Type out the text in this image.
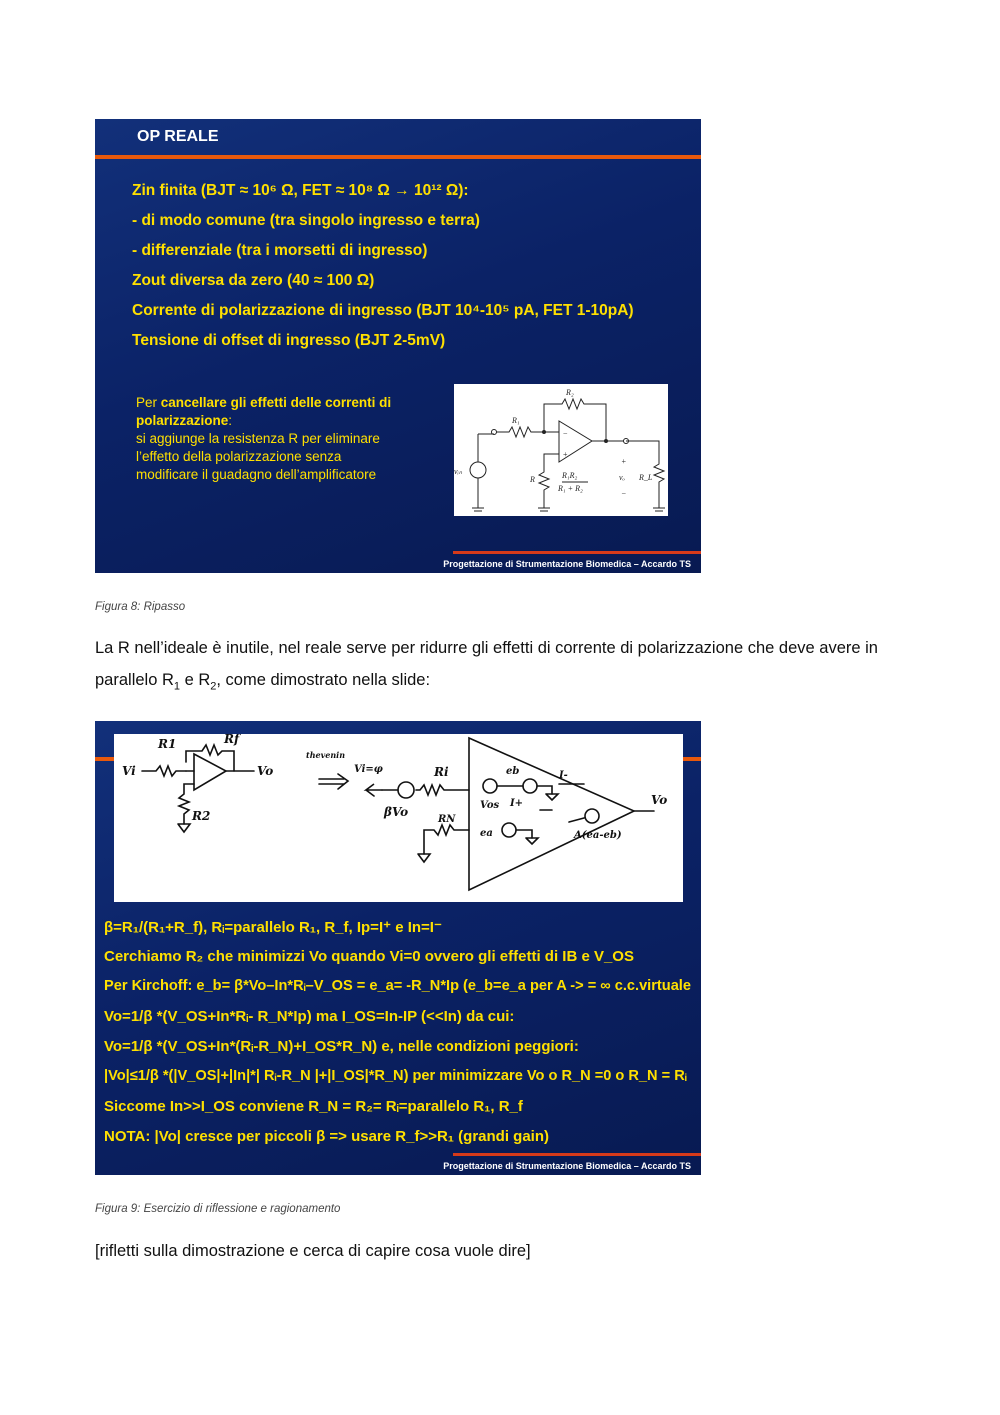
OP REALE
Zin finita (BJT ≈ 10⁶ Ω, FET ≈ 10⁸ Ω → 10¹² Ω):
- di modo comune (tra singolo ingresso e terra)
- differenziale (tra i morsetti di ingresso)
Zout diversa da zero (40 ≈ 100 Ω)
Corrente di polarizzazione di ingresso (BJT 10⁴-10⁵ pA, FET 1-10pA)
Tensione di offset di ingresso (BJT 2-5mV)
Per cancellare gli effetti delle correnti di polarizzazione:
si aggiunge la resistenza R per eliminare
l’effetto della polarizzazione senza
modificare il guadagno dell’amplificatore
R₂
R₁
vᵢₙ
R	R₁R₂
R₁ + R₂
vₒ R_L
+
−
−
+
Progettazione di Strumentazione Biomedica – Accardo TS
Figura 8: Ripasso
La R nell’ideale è inutile, nel reale serve per ridurre gli effetti di corrente di polarizzazione che deve avere in parallelo $R_1$ e $R_2$, come dimostrato nella slide:
R1	Rf
Vi	Vo
R2
thevenin
Vi=φ	Ri
βVo	Vos
RN
eb
ea
I+
I-
A(ea-eb)
Vo
β=R₁/(R₁+R_f), Rᵢ=parallelo R₁, R_f, Ip=I⁺ e In=I⁻
Cerchiamo R₂ che minimizzi Vo quando Vi=0 ovvero gli effetti di IB e V_OS
Per Kirchoff: e_b= β*Vo–In*Rᵢ–V_OS = e_a= -R_N*Ip (e_b=e_a per A -> = ∞ c.c.virtuale
Vo=1/β *(V_OS+In*Rᵢ- R_N*Ip) ma I_OS=In-IP (<<In) da cui:
Vo=1/β *(V_OS+In*(Rᵢ-R_N)+I_OS*R_N) e, nelle condizioni peggiori:
|Vo|≤1/β *(|V_OS|+|In|*| Rᵢ-R_N |+|I_OS|*R_N) per minimizzare Vo o R_N =0 o R_N = Rᵢ
Siccome In>>I_OS conviene R_N = R₂= Rᵢ=parallelo R₁, R_f
NOTA: |Vo| cresce per piccoli β => usare R_f>>R₁ (grandi gain)
Progettazione di Strumentazione Biomedica – Accardo TS
Figura 9: Esercizio di riflessione e ragionamento
[rifletti sulla dimostrazione e cerca di capire cosa vuole dire]
